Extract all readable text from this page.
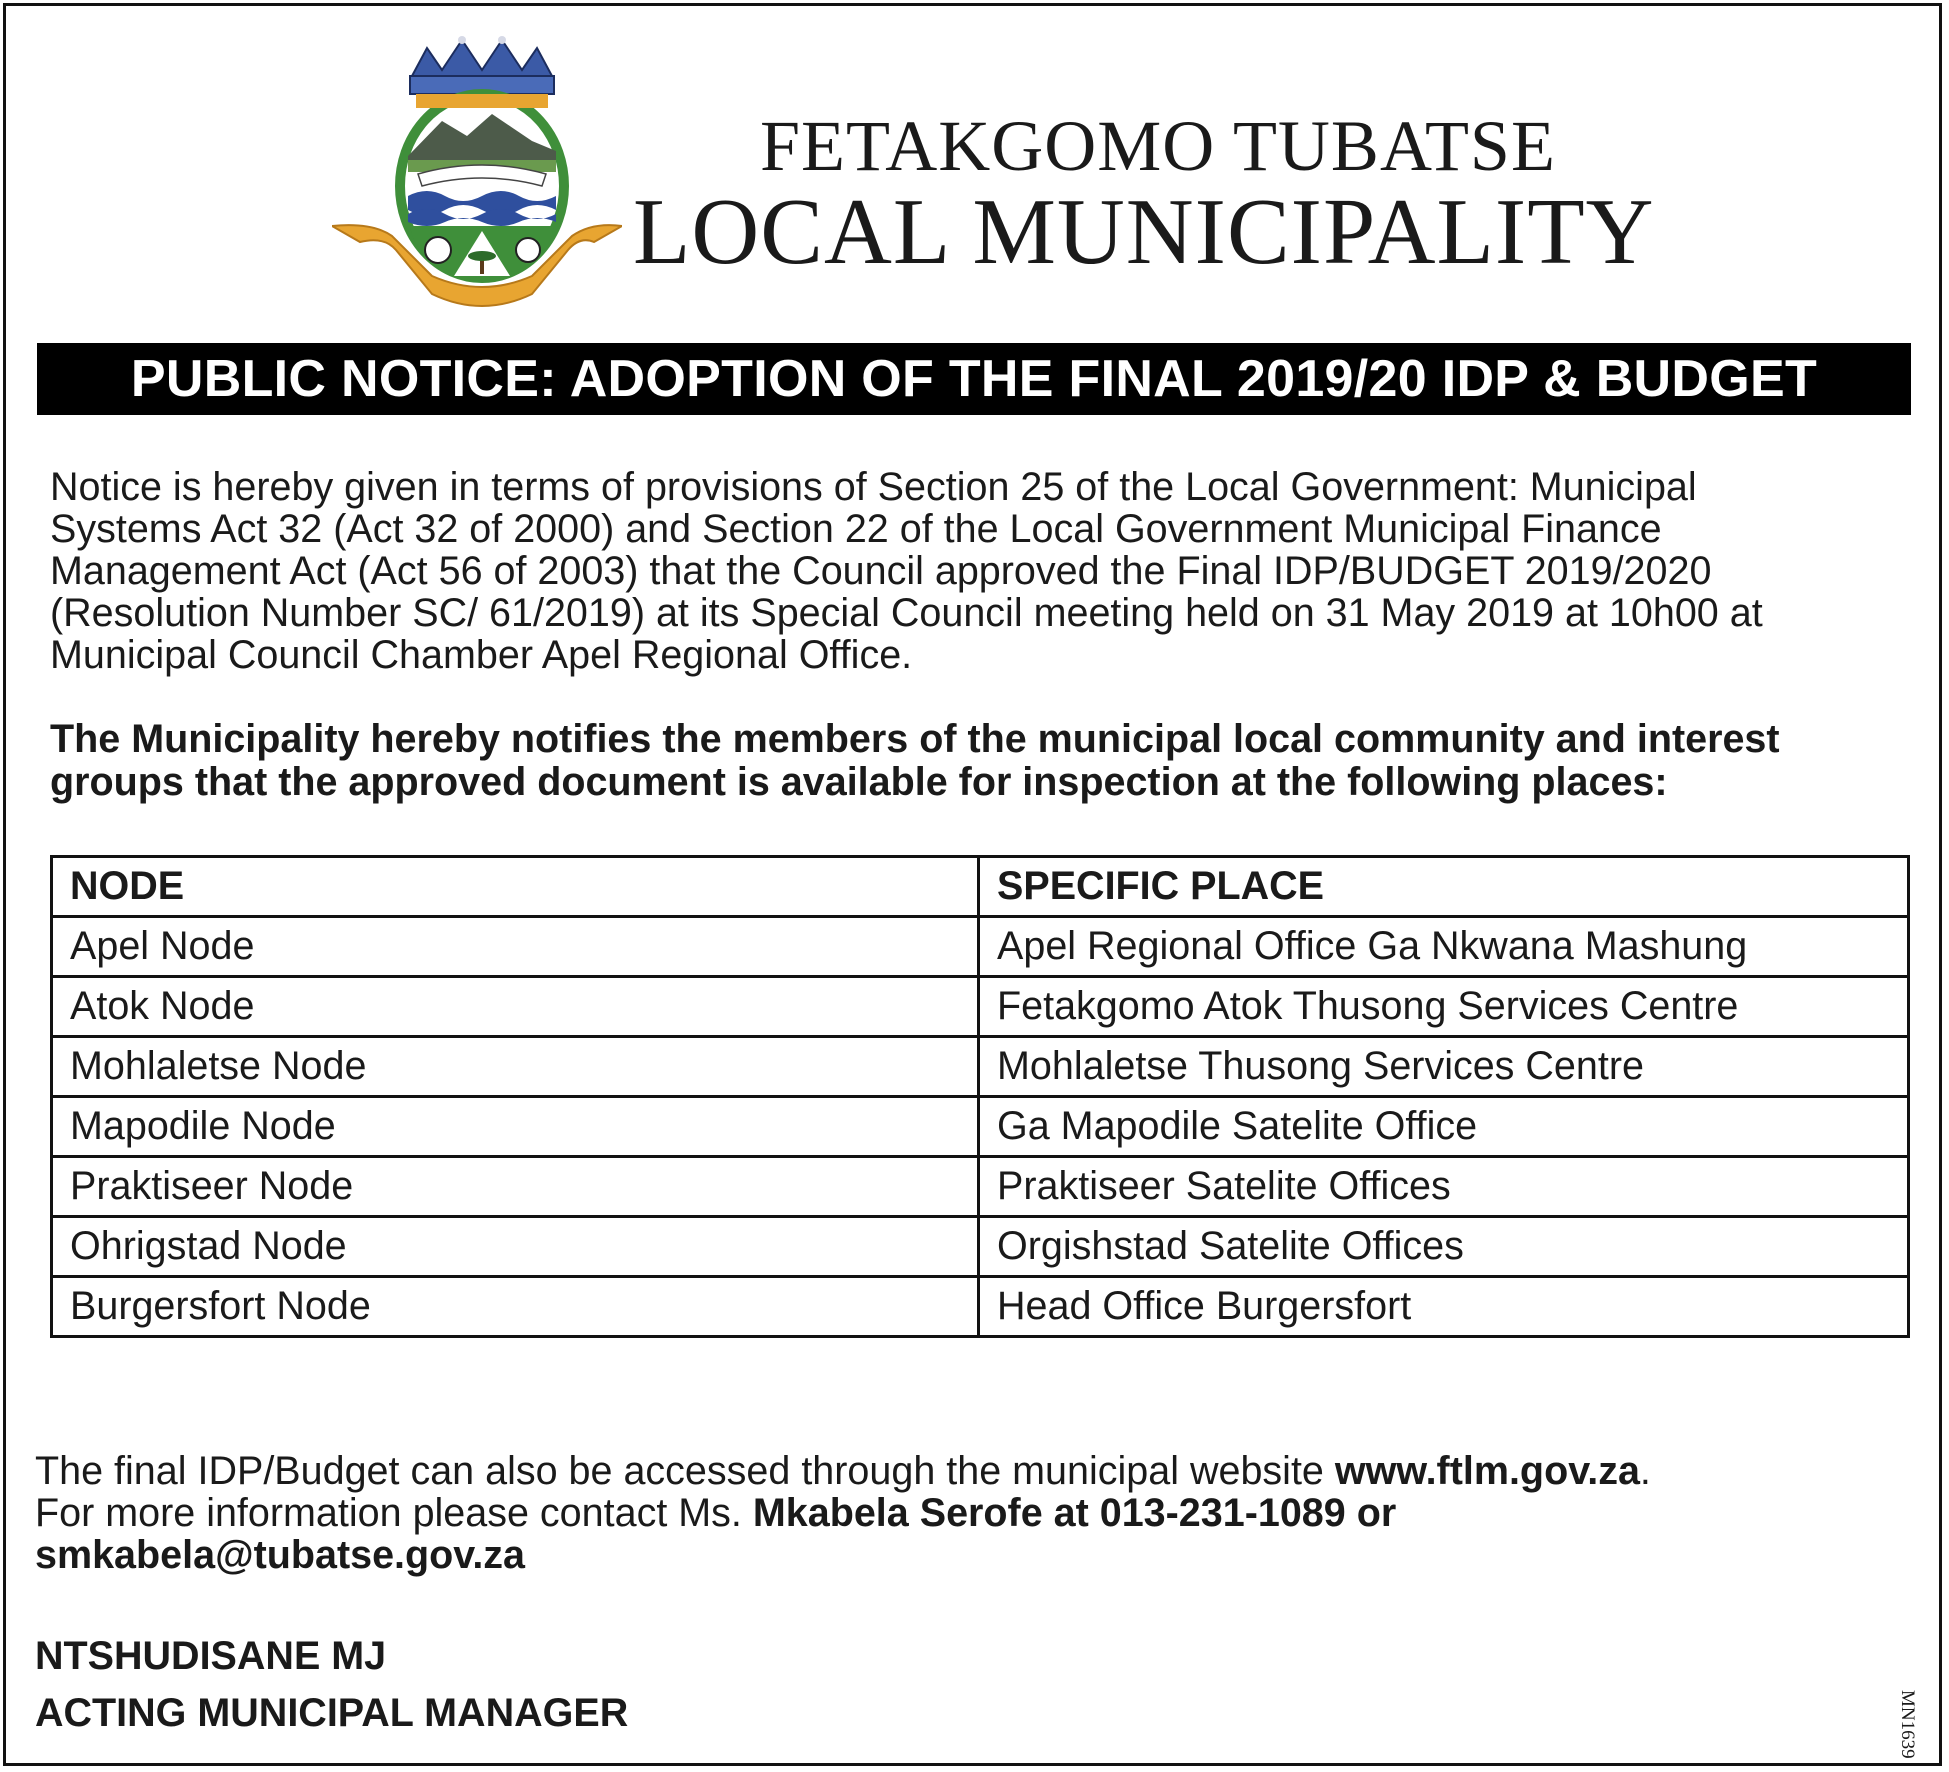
FETAKGOMO TUBATSE
LOCAL MUNICIPALITY
PUBLIC NOTICE: ADOPTION OF THE FINAL 2019/20 IDP & BUDGET
Notice is hereby given in terms of provisions of Section 25 of the Local Government: Municipal
Systems Act 32 (Act 32 of 2000) and Section 22 of the Local Government Municipal Finance
Management Act (Act 56 of 2003) that the Council approved the Final IDP/BUDGET 2019/2020
(Resolution Number SC/ 61/2019) at its Special Council meeting held on 31 May 2019 at 10h00 at
Municipal Council Chamber Apel Regional Office.
The Municipality hereby notifies the members of the municipal local community and interest
groups that the approved document is available for inspection at the following places:
NODE	SPECIFIC PLACE
Apel Node	Apel Regional Office Ga Nkwana Mashung
Atok Node	Fetakgomo Atok Thusong Services Centre
Mohlaletse Node	Mohlaletse Thusong Services Centre
Mapodile Node	Ga Mapodile Satelite Office
Praktiseer Node	Praktiseer Satelite Offices
Ohrigstad Node	Orgishstad Satelite Offices
Burgersfort Node	Head Office Burgersfort
The final IDP/Budget can also be accessed through the municipal website www.ftlm.gov.za.
For more information please contact Ms. Mkabela Serofe at 013-231-1089 or
smkabela@tubatse.gov.za
NTSHUDISANE MJ
ACTING MUNICIPAL MANAGER	MN1639
